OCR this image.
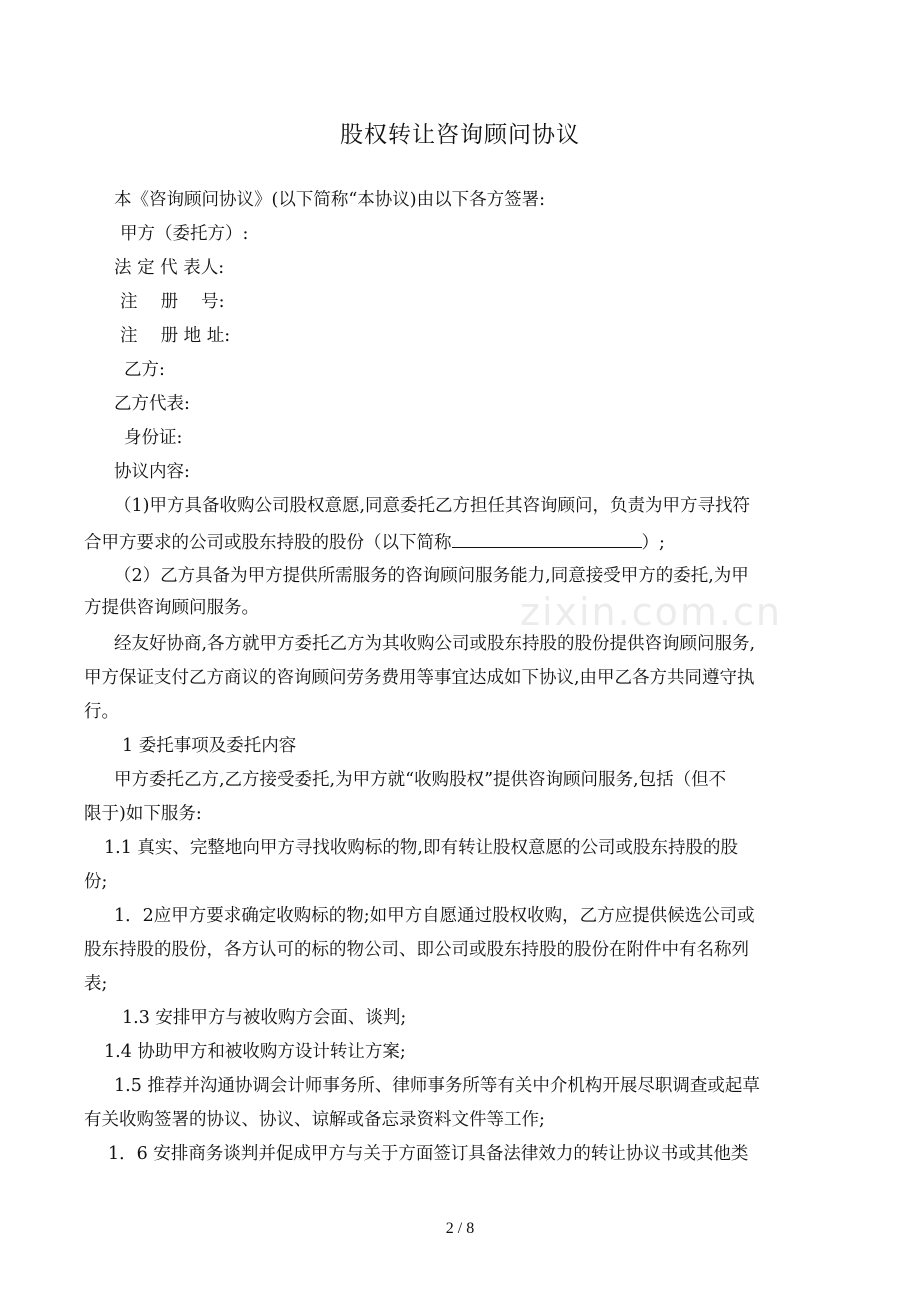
zixin.com.cn
股权转让咨询顾问协议
本《咨询顾问协议》(以下简称“本协议)由以下各方签署:
甲方（委托方）:
法 定 代 表人:
注　 册　 号:
注　 册 地 址:
乙方:
乙方代表:
身份证:
协议内容:
（1)甲方具备收购公司股权意愿,同意委托乙方担任其咨询顾问，负责为甲方寻找符
合甲方要求的公司或股东持股的股份（以下简称	）;
（2）乙方具备为甲方提供所需服务的咨询顾问服务能力,同意接受甲方的委托,为甲
方提供咨询顾问服务。
经友好协商,各方就甲方委托乙方为其收购公司或股东持股的股份提供咨询顾问服务,
甲方保证支付乙方商议的咨询顾问劳务费用等事宜达成如下协议,由甲乙各方共同遵守执
行。
1 委托事项及委托内容
甲方委托乙方,乙方接受委托,为甲方就“收购股权”提供咨询顾问服务,包括（但不
限于)如下服务:
1.1 真实、完整地向甲方寻找收购标的物,即有转让股权意愿的公司或股东持股的股
份;
1．2应甲方要求确定收购标的物;如甲方自愿通过股权收购，乙方应提供候选公司或
股东持股的股份，各方认可的标的物公司、即公司或股东持股的股份在附件中有名称列
表;
1.3 安排甲方与被收购方会面、谈判;
1.4 协助甲方和被收购方设计转让方案;
1.5 推荐并沟通协调会计师事务所、律师事务所等有关中介机构开展尽职调查或起草
有关收购签署的协议、协议、谅解或备忘录资料文件等工作;
1．6 安排商务谈判并促成甲方与关于方面签订具备法律效力的转让协议书或其他类
2 / 8
